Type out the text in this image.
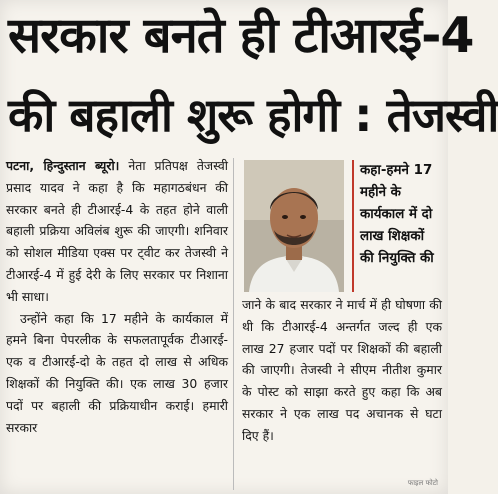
सरकार बनते ही टीआरई-4
की बहाली शुरू होगी : तेजस्वी

पटना, हिन्दुस्तान ब्यूरो। नेता प्रतिपक्ष तेजस्वी प्रसाद यादव ने कहा है कि महागठबंधन की सरकार बनते ही टीआरई-4 के तहत होने वाली बहाली प्रक्रिया अविलंब शुरू की जाएगी। शनिवार को सोशल मीडिया एक्स पर ट्वीट कर तेजस्वी ने टीआरई-4 में हुई देरी के लिए सरकार पर निशाना भी साधा।

उन्होंने कहा कि 17 महीने के कार्यकाल में हमने बिना पेपरलीक के सफलतापूर्वक टीआरई-एक व टीआरई-दो के तहत दो लाख से अधिक शिक्षकों की नियुक्ति की। एक लाख 30 हजार पदों पर बहाली की प्रक्रियाधीन कराई। हमारी सरकार

कहा-हमने 17
महीने के
कार्यकाल में दो
लाख शिक्षकों
की नियुक्ति की

जाने के बाद सरकार ने मार्च में ही घोषणा की थी कि टीआरई-4 अन्तर्गत जल्द ही एक लाख 27 हजार पदों पर शिक्षकों की बहाली की जाएगी। तेजस्वी ने सीएम नीतीश कुमार के पोस्ट को साझा करते हुए कहा कि अब सरकार ने एक लाख पद अचानक से घटा दिए हैं।

फाइल फोटो
